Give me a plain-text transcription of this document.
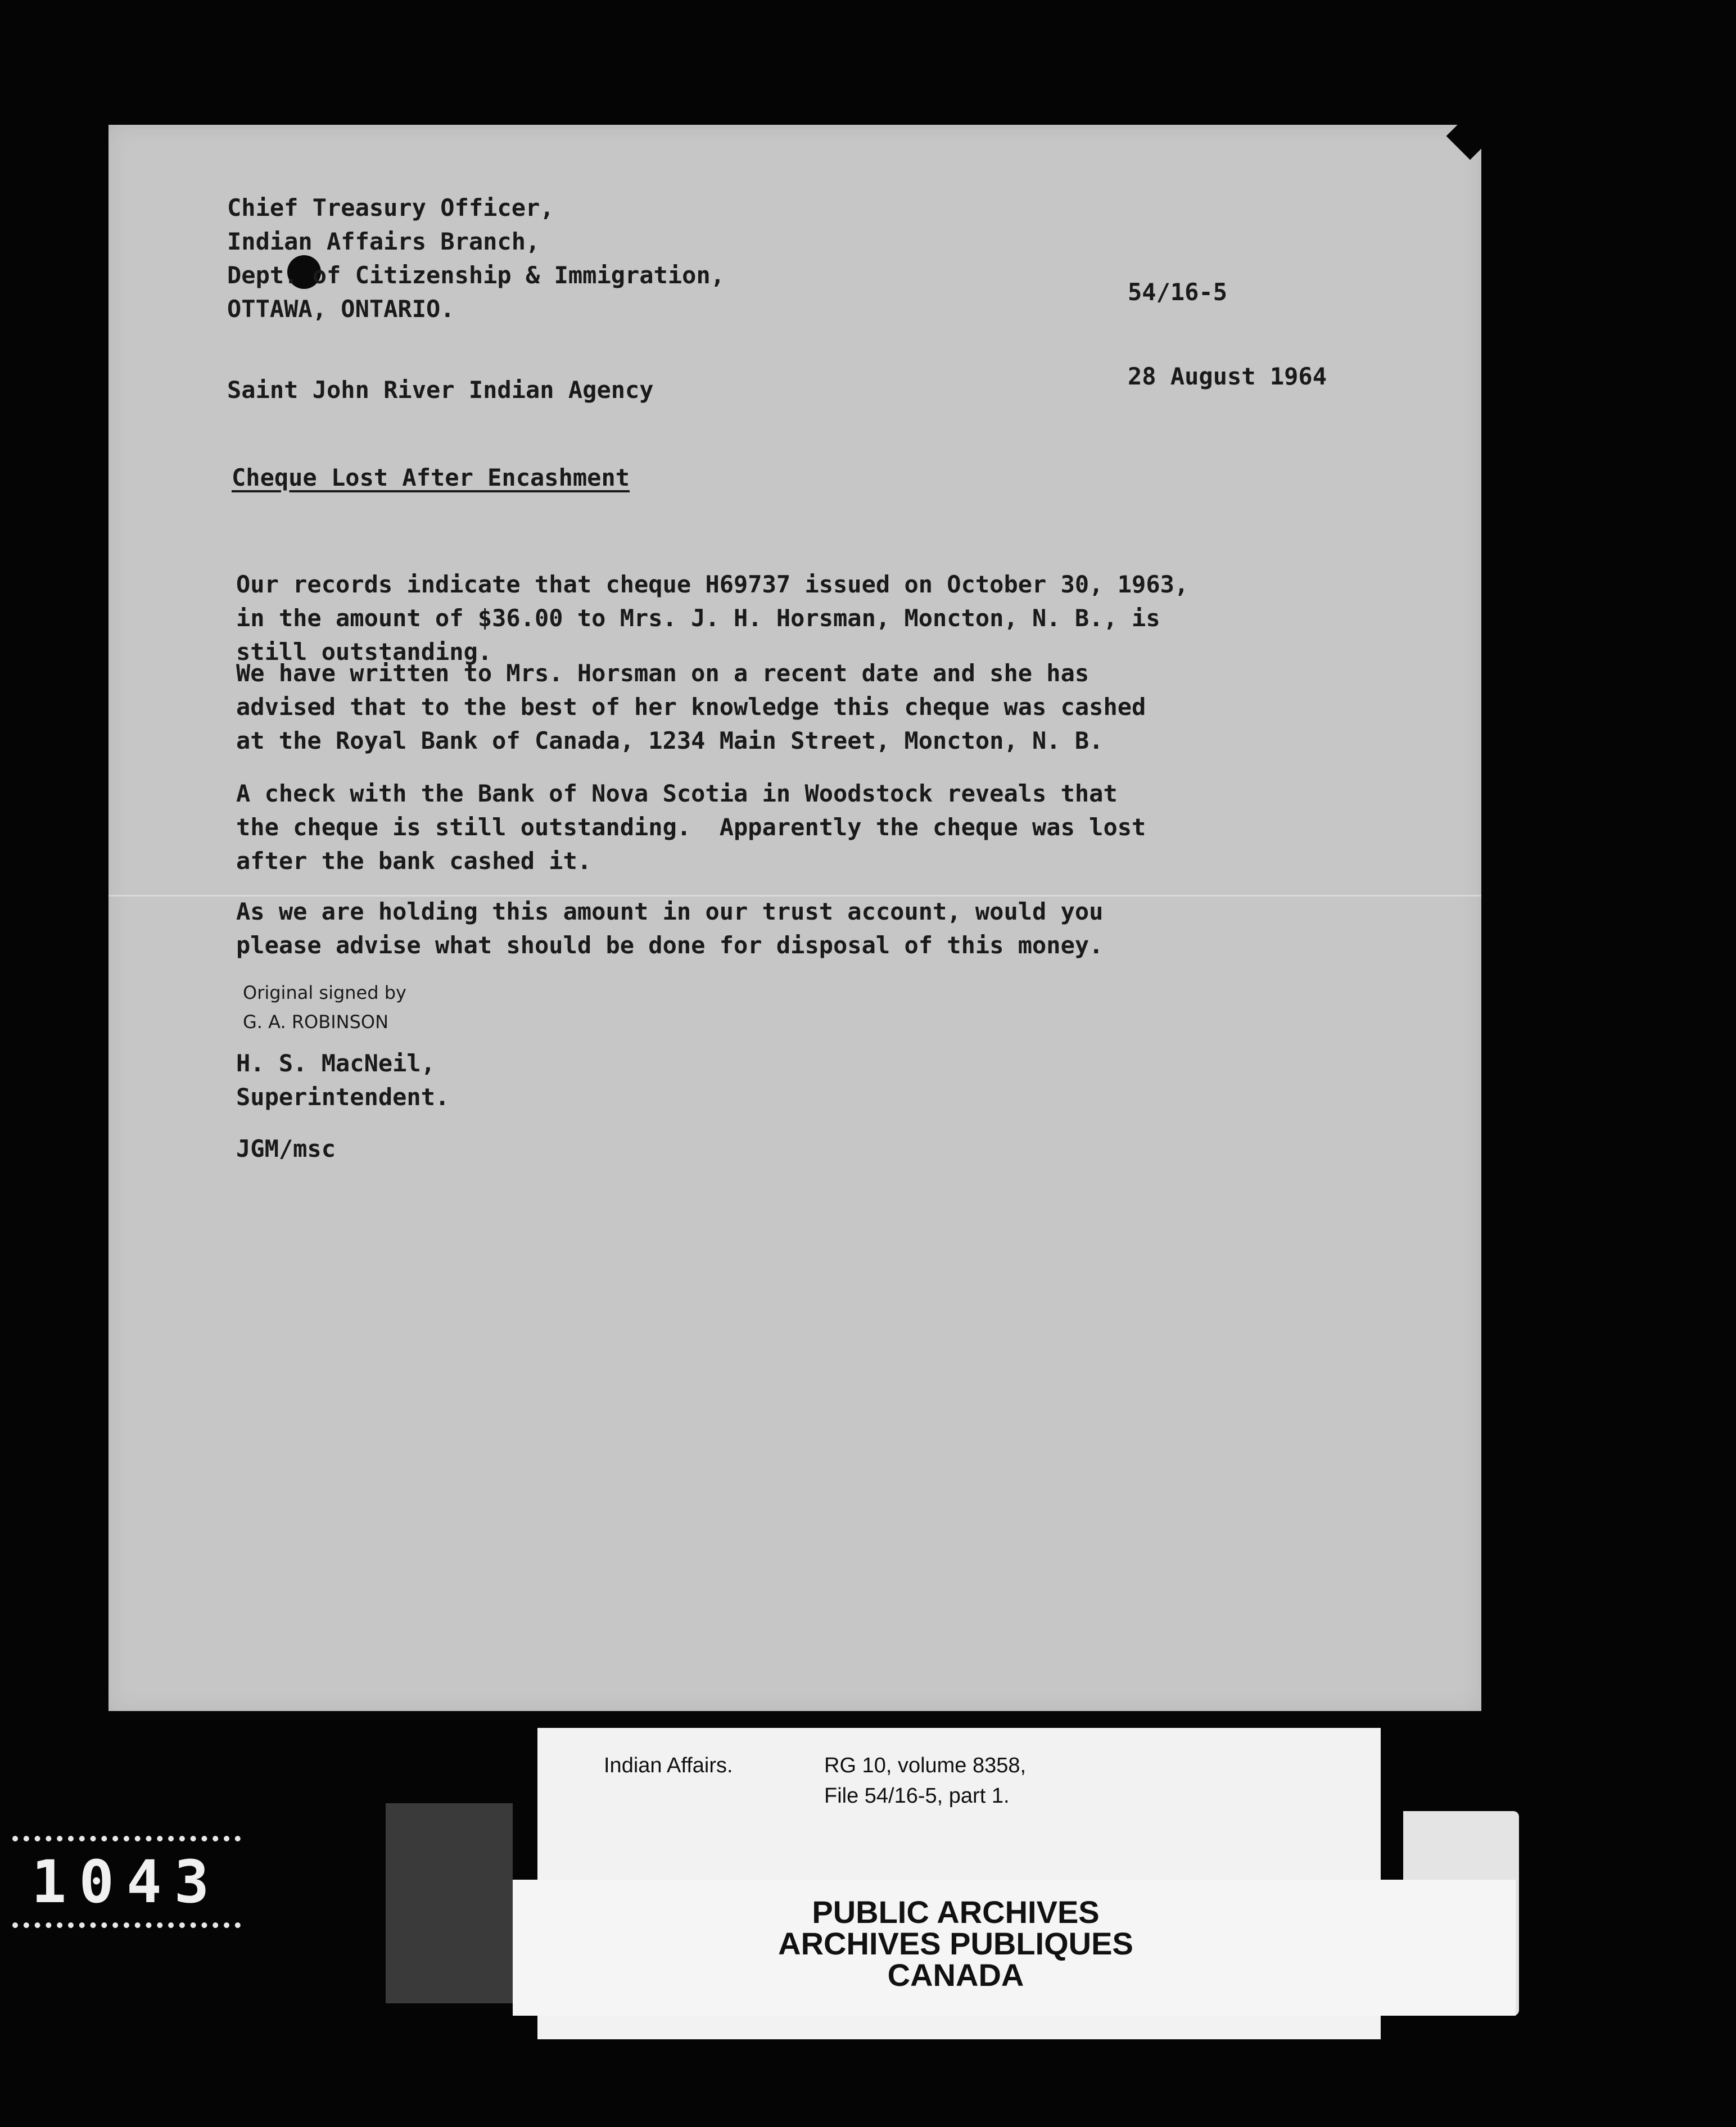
Chief Treasury Officer,
Indian Affairs Branch,
Dept. of Citizenship & Immigration,
OTTAWA, ONTARIO.
54/16-5
28 August 1964
Saint John River Indian Agency
Cheque Lost After Encashment
Our records indicate that cheque H69737 issued on October 30, 1963,
in the amount of $36.00 to Mrs. J. H. Horsman, Moncton, N. B., is
still outstanding.
We have written to Mrs. Horsman on a recent date and she has
advised that to the best of her knowledge this cheque was cashed
at the Royal Bank of Canada, 1234 Main Street, Moncton, N. B.
A check with the Bank of Nova Scotia in Woodstock reveals that
the cheque is still outstanding.  Apparently the cheque was lost
after the bank cashed it.
As we are holding this amount in our trust account, would you
please advise what should be done for disposal of this money.
Original signed by
G. A. ROBINSON
H. S. MacNeil,
Superintendent.
JGM/msc
Indian Affairs.	RG 10, volume 8358,
File 54/16-5, part 1.
PUBLIC ARCHIVES
ARCHIVES PUBLIQUES
CANADA
1043
